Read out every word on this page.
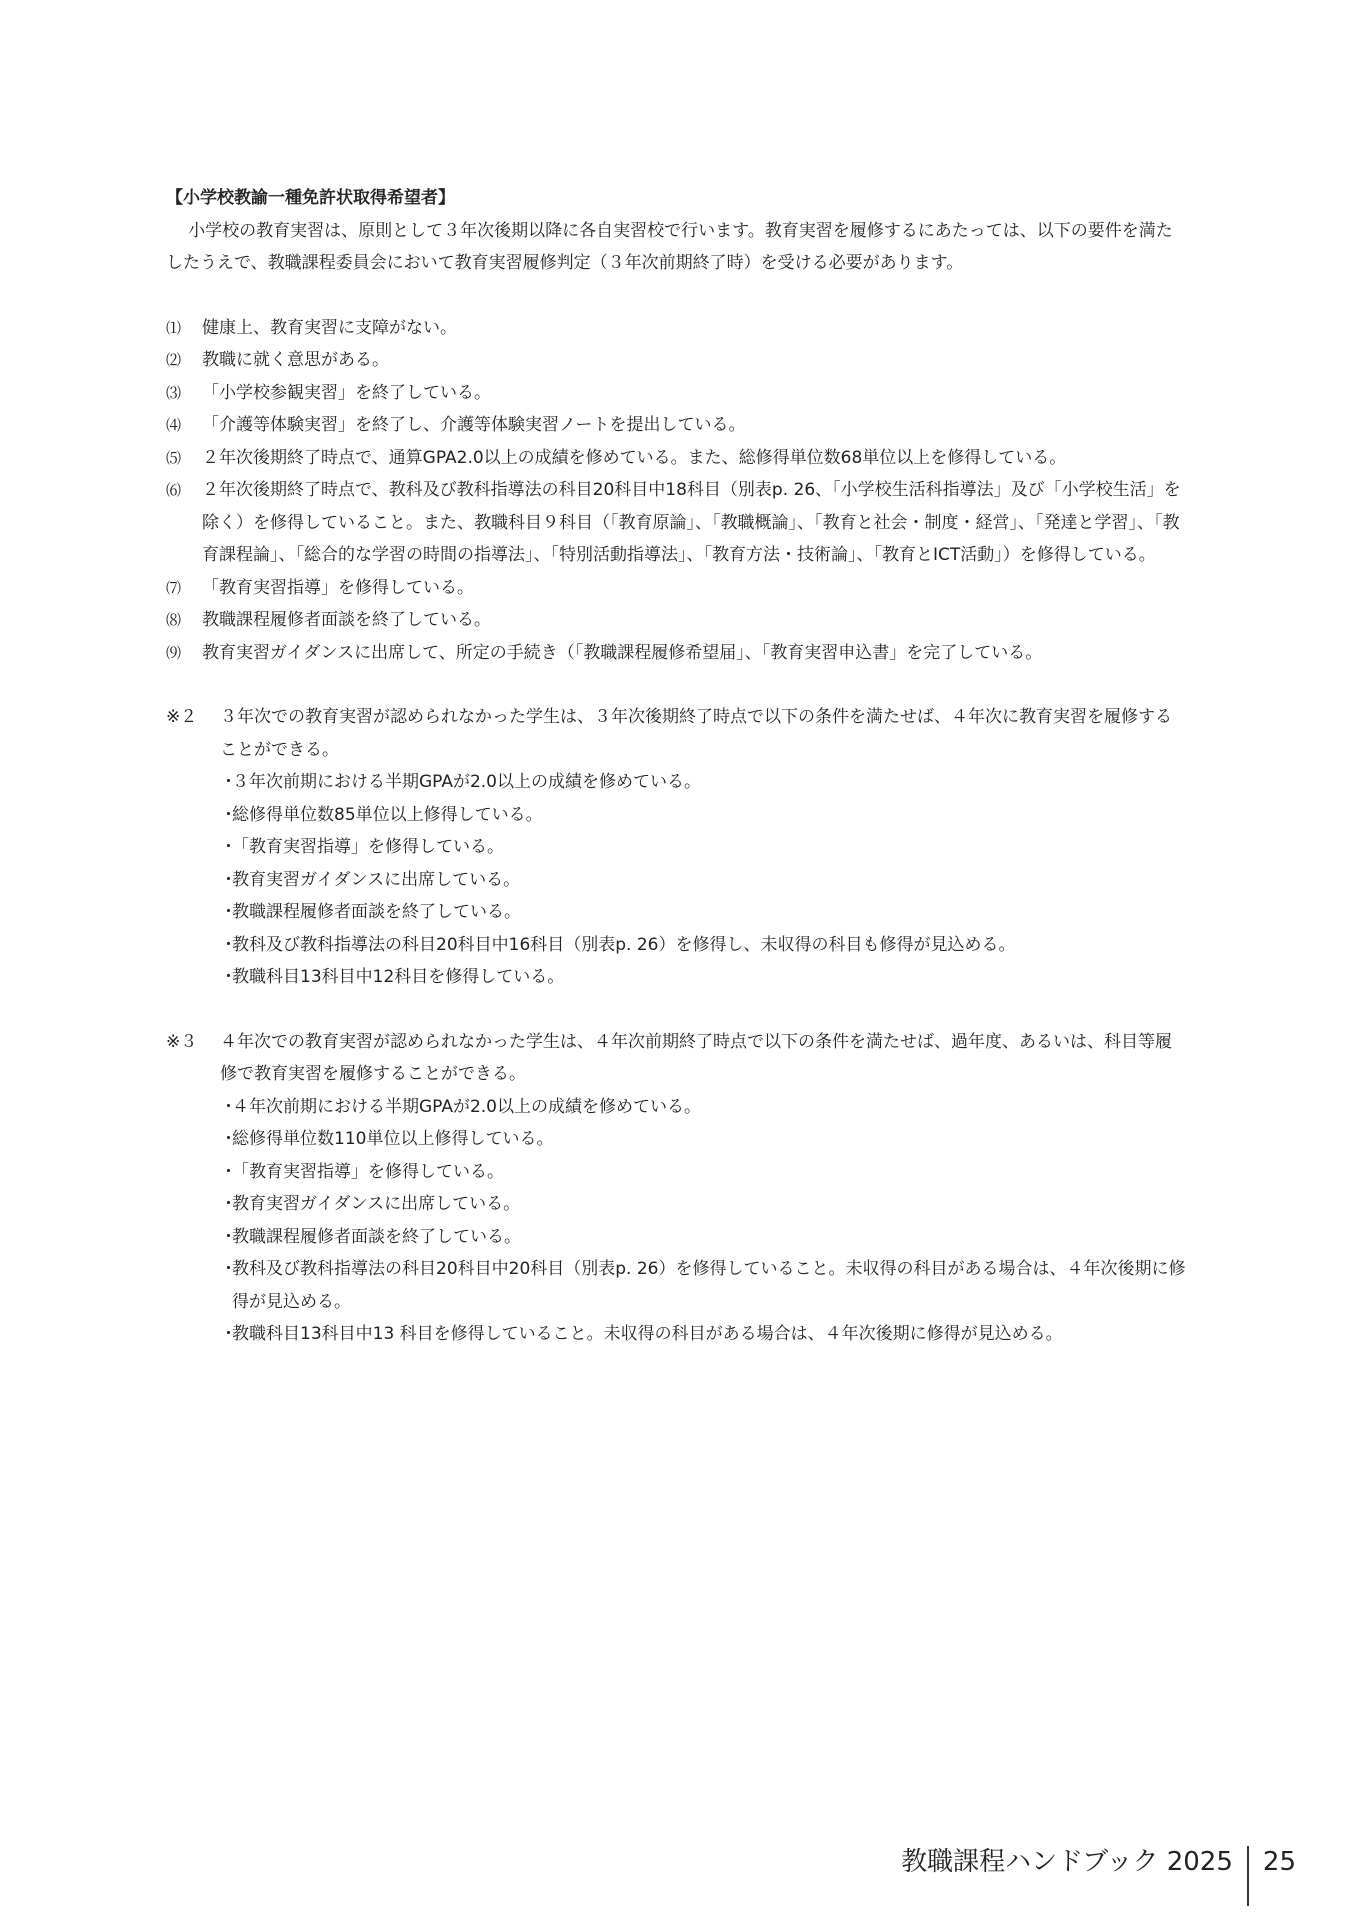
【小学校教諭一種免許状取得希望者】

小学校の教育実習は、原則として３年次後期以降に各自実習校で行います。教育実習を履修するにあたっては、以下の要件を満たしたうえで、教職課程委員会において教育実習履修判定（３年次前期終了時）を受ける必要があります。

⑴ 健康上、教育実習に支障がない。

⑵ 教職に就く意思がある。

⑶ 「小学校参観実習」を終了している。

⑷ 「介護等体験実習」を終了し、介護等体験実習ノートを提出している。

⑸ ２年次後期終了時点で、通算GPA2.0以上の成績を修めている。また、総修得単位数68単位以上を修得している。

⑹ ２年次後期終了時点で、教科及び教科指導法の科目20科目中18科目（別表p. 26、「小学校生活科指導法」及び「小学校生活」を除く）を修得していること。また、教職科目９科目（「教育原論」、「教職概論」、「教育と社会・制度・経営」、「発達と学習」、「教育課程論」、「総合的な学習の時間の指導法」、「特別活動指導法」、「教育方法・技術論」、「教育とICT活動」）を修得している。

⑺ 「教育実習指導」を修得している。

⑻ 教職課程履修者面談を終了している。

⑼ 教育実習ガイダンスに出席して、所定の手続き（「教職課程履修希望届」、「教育実習申込書」を完了している。

※２ ３年次での教育実習が認められなかった学生は、３年次後期終了時点で以下の条件を満たせば、４年次に教育実習を履修することができる。

・
３年次前期における半期GPAが2.0以上の成績を修めている。

・
総修得単位数85単位以上修得している。

・
「教育実習指導」を修得している。

・
教育実習ガイダンスに出席している。

・
教職課程履修者面談を終了している。

・
教科及び教科指導法の科目20科目中16科目（別表p. 26）を修得し、未収得の科目も修得が見込める。

・
教職科目13科目中12科目を修得している。

※３ ４年次での教育実習が認められなかった学生は、４年次前期終了時点で以下の条件を満たせば、過年度、あるいは、科目等履修で教育実習を履修することができる。

・
４年次前期における半期GPAが2.0以上の成績を修めている。

・
総修得単位数110単位以上修得している。

・
「教育実習指導」を修得している。

・
教育実習ガイダンスに出席している。

・
教職課程履修者面談を終了している。

・
教科及び教科指導法の科目20科目中20科目（別表p. 26）を修得していること。未収得の科目がある場合は、４年次後期に修得が見込める。

・
教職科目13科目中13 科目を修得していること。未収得の科目がある場合は、４年次後期に修得が見込める。

教職課程ハンドブック 2025	25
